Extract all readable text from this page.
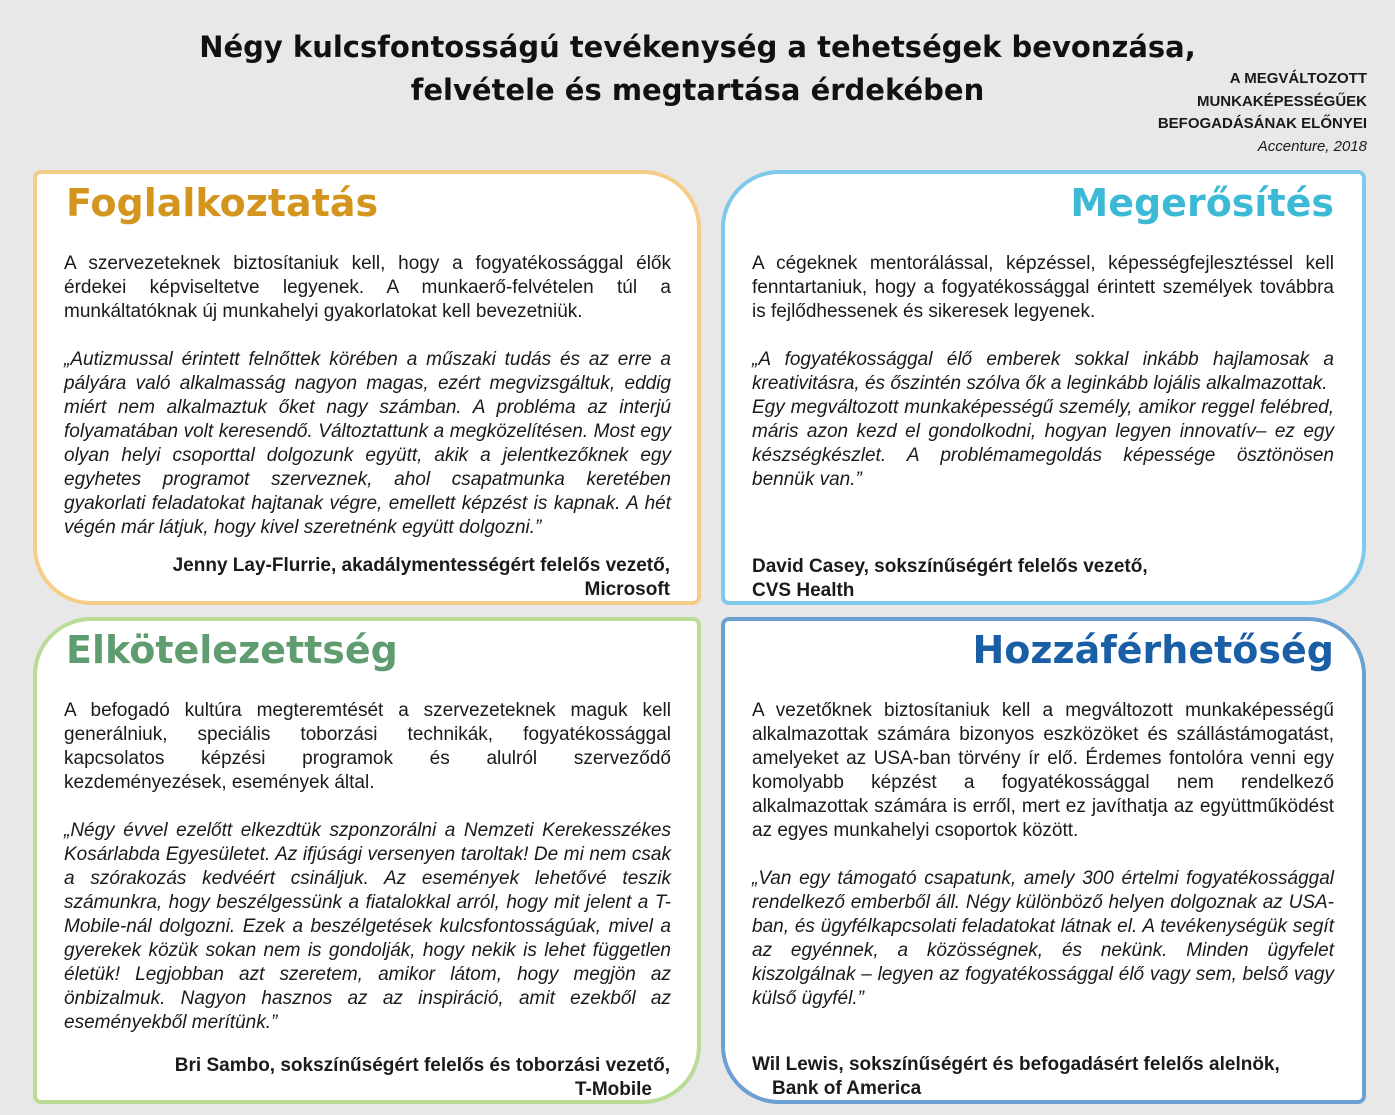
Négy kulcsfontosságú tevékenység a tehetségek bevonzása,
felvétele és megtartása érdekében	A MEGVÁLTOZOTT
MUNKAKÉPESSÉGŰEK
BEFOGADÁSÁNAK ELŐNYEI
Accenture, 2018
Foglalkoztatás

A szervezeteknek biztosítaniuk kell, hogy a fogyatékossággal élők érdekei képviseltetve legyenek. A munkaerő-felvételen túl a munkáltatóknak új munkahelyi gyakorlatokat kell bevezetniük.

„Autizmussal érintett felnőttek körében a műszaki tudás és az erre a pályára való alkalmasság nagyon magas, ezért megvizsgáltuk, eddig miért nem alkalmaztuk őket nagy számban. A probléma az interjú folyamatában volt keresendő. Változtattunk a megközelítésen. Most egy olyan helyi csoporttal dolgozunk együtt, akik a jelentkezőknek egy egyhetes programot szerveznek, ahol csapatmunka keretében gyakorlati feladatokat hajtanak végre, emellett képzést is kapnak. A hét végén már látjuk, hogy kivel szeretnénk együtt dolgozni.”

Jenny Lay-Flurrie, akadálymentességért felelős vezető,
Microsoft
Megerősítés

A cégeknek mentorálással, képzéssel, képességfejlesztéssel kell fenntartaniuk, hogy a fogyatékossággal érintett személyek továbbra is fejlődhessenek és sikeresek legyenek.

„A fogyatékossággal élő emberek sokkal inkább hajlamosak a kreativitásra, és őszintén szólva ők a leginkább lojális alkalmazottak.

Egy megváltozott munkaképességű személy, amikor reggel felébred, máris azon kezd el gondolkodni, hogyan legyen innovatív– ez egy készségkészlet. A problémamegoldás képessége ösztönösen bennük van.”

David Casey, sokszínűségért felelős vezető,
CVS Health
Elkötelezettség

A befogadó kultúra megteremtését a szervezeteknek maguk kell generálniuk, speciális toborzási technikák, fogyatékossággal kapcsolatos képzési programok és alulról szerveződő kezdeményezések, események által.

„Négy évvel ezelőtt elkezdtük szponzorálni a Nemzeti Kerekesszékes Kosárlabda Egyesületet. Az ifjúsági versenyen taroltak! De mi nem csak a szórakozás kedvéért csináljuk. Az események lehetővé teszik számunkra, hogy beszélgessünk a fiatalokkal arról, hogy mit jelent a T-Mobile-nál dolgozni. Ezek a beszélgetések kulcsfontosságúak, mivel a gyerekek közük sokan nem is gondolják, hogy nekik is lehet független életük! Legjobban azt szeretem, amikor látom, hogy megjön az önbizalmuk. Nagyon hasznos az az inspiráció, amit ezekből az eseményekből merítünk.”

Bri Sambo, sokszínűségért felelős és toborzási vezető,
T-Mobile
Hozzáférhetőség

A vezetőknek biztosítaniuk kell a megváltozott munkaképességű alkalmazottak számára bizonyos eszközöket és szállástámogatást, amelyeket az USA-ban törvény ír elő. Érdemes fontolóra venni egy komolyabb képzést a fogyatékossággal nem rendelkező alkalmazottak számára is erről, mert ez javíthatja az együttműködést az egyes munkahelyi csoportok között.

„Van egy támogató csapatunk, amely 300 értelmi fogyatékossággal rendelkező emberből áll. Négy különböző helyen dolgoznak az USA-ban, és ügyfélkapcsolati feladatokat látnak el. A tevékenységük segít az egyénnek, a közösségnek, és nekünk. Minden ügyfelet kiszolgálnak – legyen az fogyatékossággal élő vagy sem, belső vagy külső ügyfél.”

Wil Lewis, sokszínűségért és befogadásért felelős alelnök,
Bank of America
